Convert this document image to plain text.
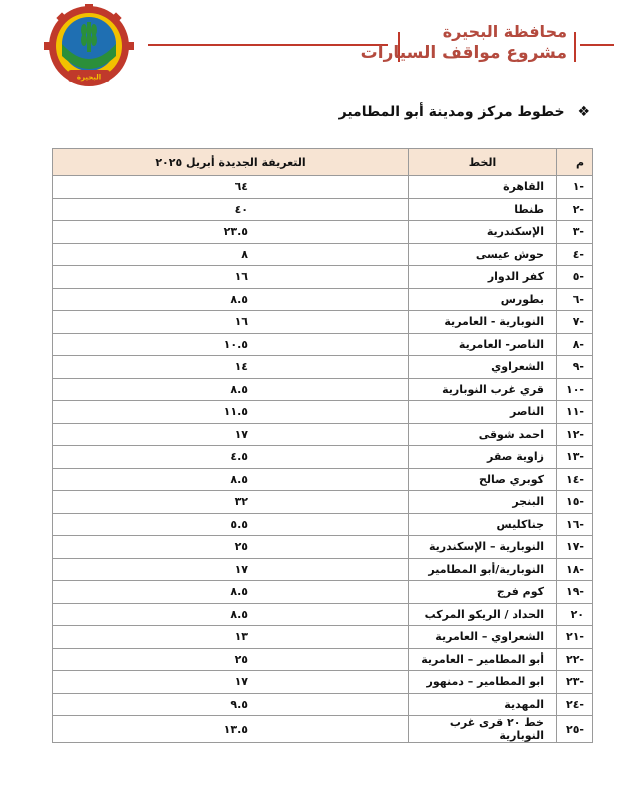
البحيرة
محافظة البحيرة
مشروع مواقف السيارات
❖ خطوط مركز ومدينة أبو المطامير
م	الخط	التعريفة الجديدة أبريل ٢٠٢٥
-١	القاهرة	٦٤
-٢	طنطا	٤٠
-٣	الإسكندرية	٢٣.٥
-٤	حوش عيسى	٨
-٥	كفر الدوار	١٦
-٦	بطورس	٨.٥
-٧	النوبارية - العامرية	١٦
-٨	الناصر- العامرية	١٠.٥
-٩	الشعراوي	١٤
-١٠	قري غرب النوبارية	٨.٥
-١١	الناصر	١١.٥
-١٢	احمد شوقى	١٧
-١٣	زاوية صقر	٤.٥
-١٤	كوبري صالح	٨.٥
-١٥	البنجر	٣٢
-١٦	جناكليس	٥.٥
-١٧	النوبارية – الإسكندرية	٢٥
-١٨	النوبارية/أبو المطامير	١٧
-١٩	كوم فرج	٨.٥
٢٠	الحداد / الريكو المركب	٨.٥
-٢١	الشعراوي – العامرية	١٣
-٢٢	أبو المطامير – العامرية	٢٥
-٢٣	ابو المطامير – دمنهور	١٧
-٢٤	المهدية	٩.٥
-٢٥	خط ٢٠ قرى غرب النوبارية	١٣.٥
